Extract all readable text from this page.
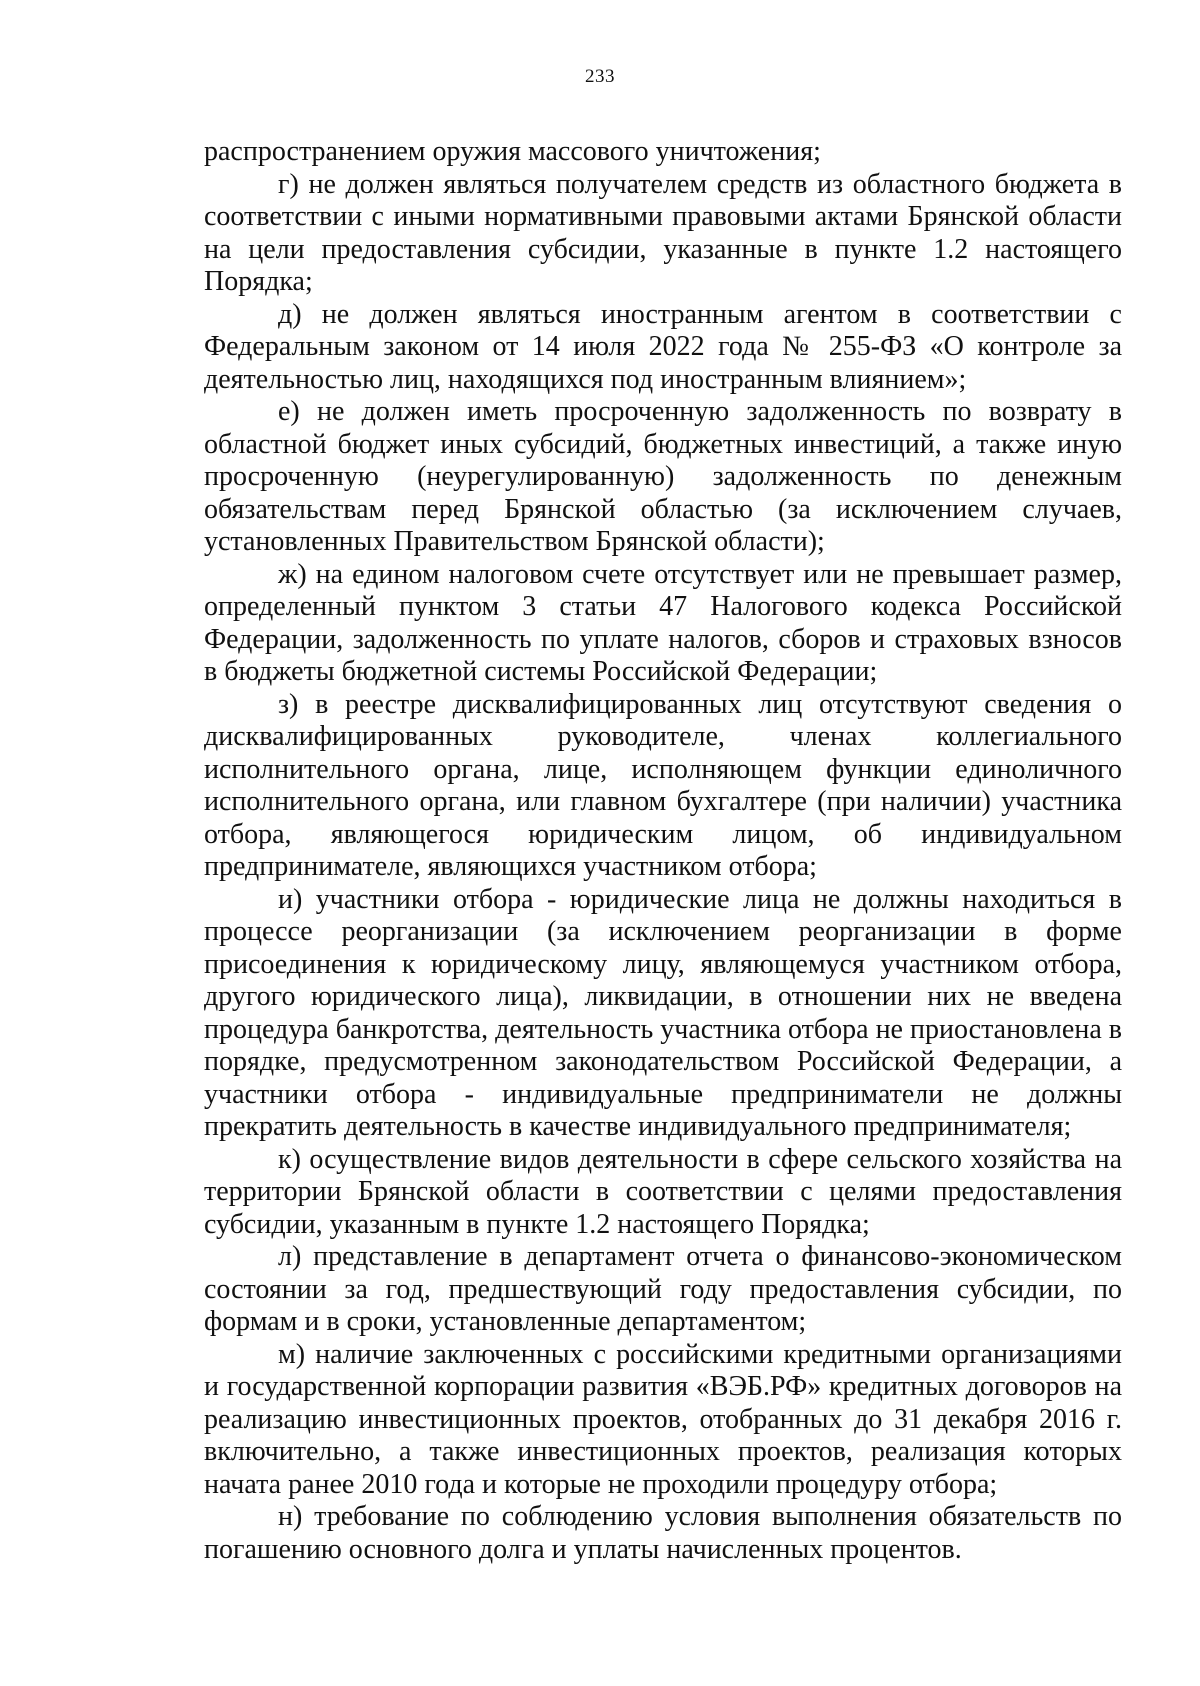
233

распространением оружия массового уничтожения;

г) не должен являться получателем средств из областного бюджета в соответствии с иными нормативными правовыми актами Брянской области на цели предоставления субсидии, указанные в пункте 1.2 настоящего Порядка;

д) не должен являться иностранным агентом в соответствии с Федеральным законом от 14 июля 2022 года № 255-ФЗ «О контроле за деятельностью лиц, находящихся под иностранным влиянием»;

е) не должен иметь просроченную задолженность по возврату в областной бюджет иных субсидий, бюджетных инвестиций, а также иную просроченную (неурегулированную) задолженность по денежным обязательствам перед Брянской областью (за исключением случаев, установленных Правительством Брянской области);

ж) на едином налоговом счете отсутствует или не превышает размер, определенный пунктом 3 статьи 47 Налогового кодекса Российской Федерации, задолженность по уплате налогов, сборов и страховых взносов в бюджеты бюджетной системы Российской Федерации;

з) в реестре дисквалифицированных лиц отсутствуют сведения о дисквалифицированных руководителе, членах коллегиального исполнительного органа, лице, исполняющем функции единоличного исполнительного органа, или главном бухгалтере (при наличии) участника отбора, являющегося юридическим лицом, об индивидуальном предпринимателе, являющихся участником отбора;

и) участники отбора - юридические лица не должны находиться в процессе реорганизации (за исключением реорганизации в форме присоединения к юридическому лицу, являющемуся участником отбора, другого юридического лица), ликвидации, в отношении них не введена процедура банкротства, деятельность участника отбора не приостановлена в порядке, предусмотренном законодательством Российской Федерации, а участники отбора - индивидуальные предприниматели не должны прекратить деятельность в качестве индивидуального предпринимателя;

к) осуществление видов деятельности в сфере сельского хозяйства на территории Брянской области в соответствии с целями предоставления субсидии, указанным в пункте 1.2 настоящего Порядка;

л) представление в департамент отчета о финансово-экономическом состоянии за год, предшествующий году предоставления субсидии, по формам и в сроки, установленные департаментом;

м) наличие заключенных с российскими кредитными организациями и государственной корпорации развития «ВЭБ.РФ» кредитных договоров на реализацию инвестиционных проектов, отобранных до 31 декабря 2016 г. включительно, а также инвестиционных проектов, реализация которых начата ранее 2010 года и которые не проходили процедуру отбора;

н) требование по соблюдению условия выполнения обязательств по погашению основного долга и уплаты начисленных процентов.
